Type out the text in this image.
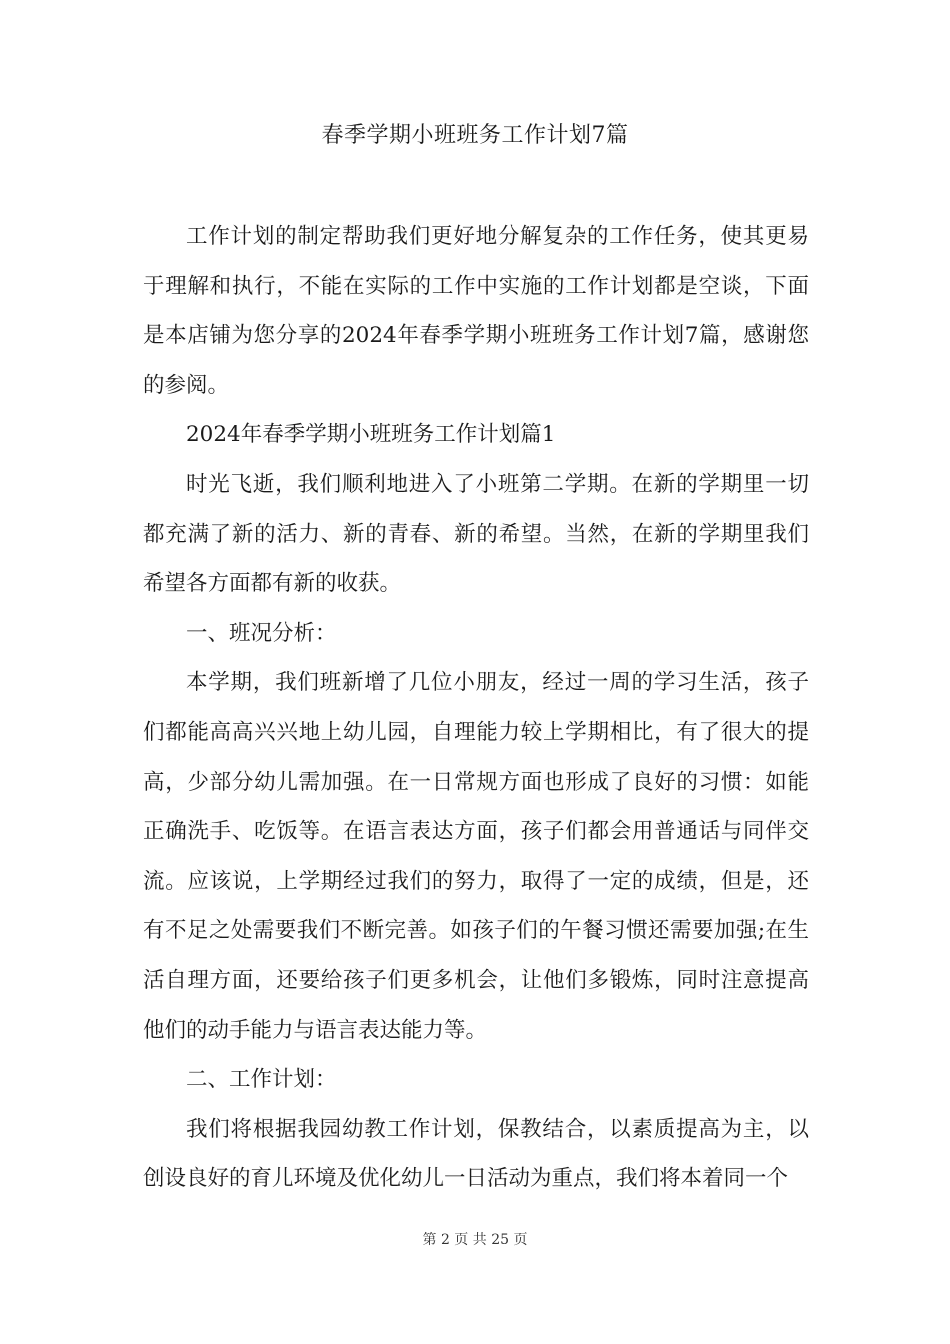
春季学期小班班务工作计划7篇

工作计划的制定帮助我们更好地分解复杂的工作任务，使其更易于理解和执行，不能在实际的工作中实施的工作计划都是空谈，下面是本店铺为您分享的2024年春季学期小班班务工作计划7篇，感谢您的参阅。

2024年春季学期小班班务工作计划篇1

时光飞逝，我们顺利地进入了小班第二学期。在新的学期里一切都充满了新的活力、新的青春、新的希望。当然，在新的学期里我们希望各方面都有新的收获。

一、班况分析：

本学期，我们班新增了几位小朋友，经过一周的学习生活，孩子们都能高高兴兴地上幼儿园，自理能力较上学期相比，有了很大的提高，少部分幼儿需加强。在一日常规方面也形成了良好的习惯：如能正确洗手、吃饭等。在语言表达方面，孩子们都会用普通话与同伴交流。应该说，上学期经过我们的努力，取得了一定的成绩，但是，还有不足之处需要我们不断完善。如孩子们的午餐习惯还需要加强;在生活自理方面，还要给孩子们更多机会，让他们多锻炼，同时注意提高他们的动手能力与语言表达能力等。

二、工作计划：

我们将根据我园幼教工作计划，保教结合，以素质提高为主，以创设良好的育儿环境及优化幼儿一日活动为重点，我们将本着同一个

第 2 页 共 25 页
